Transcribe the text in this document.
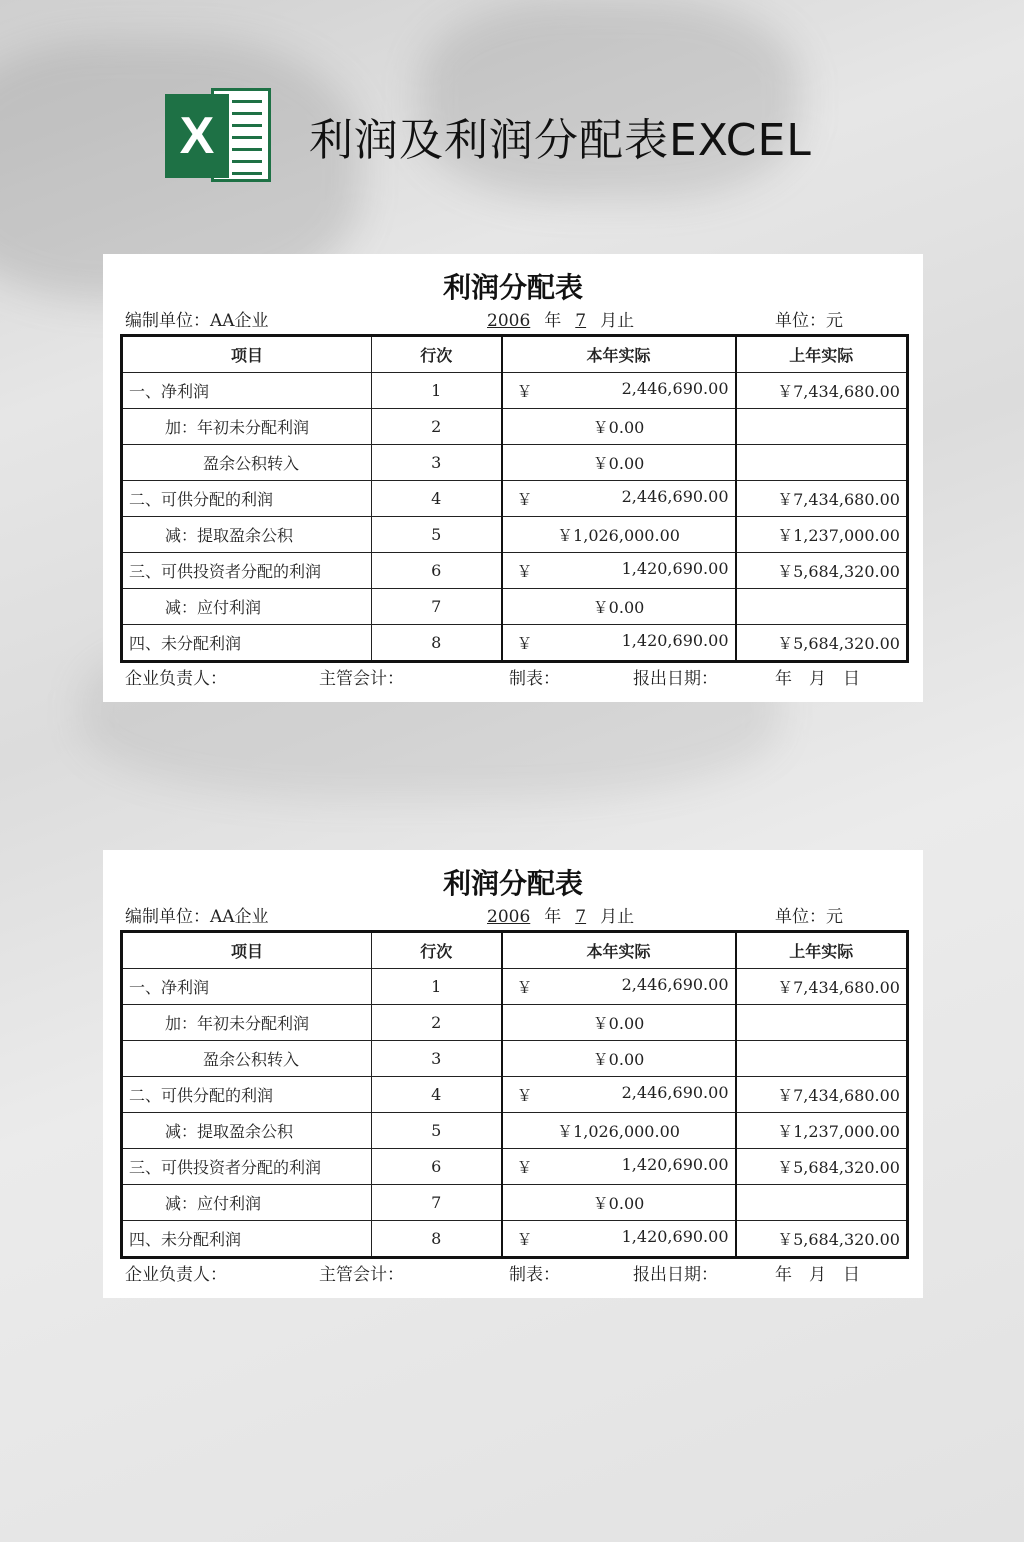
X	利润及利润分配表EXCEL
利润分配表
编制单位：AA企业	2006 年 7 月止	单位：元
项目	行次	本年实际	上年实际
一、净利润	1	￥ 2,446,690.00	￥7,434,680.00
加：年初未分配利润	2	￥0.00	
盈余公积转入	3	￥0.00	
二、可供分配的利润	4	￥ 2,446,690.00	￥7,434,680.00
减：提取盈余公积	5	￥1,026,000.00	￥1,237,000.00
三、可供投资者分配的利润	6	￥ 1,420,690.00	￥5,684,320.00
减：应付利润	7	￥0.00	
四、未分配利润	8	￥ 1,420,690.00	￥5,684,320.00
企业负责人：	主管会计：	制表：	报出日期：	年　月　日
利润分配表
编制单位：AA企业	2006 年 7 月止	单位：元
项目	行次	本年实际	上年实际
一、净利润	1	￥ 2,446,690.00	￥7,434,680.00
加：年初未分配利润	2	￥0.00	
盈余公积转入	3	￥0.00	
二、可供分配的利润	4	￥ 2,446,690.00	￥7,434,680.00
减：提取盈余公积	5	￥1,026,000.00	￥1,237,000.00
三、可供投资者分配的利润	6	￥ 1,420,690.00	￥5,684,320.00
减：应付利润	7	￥0.00	
四、未分配利润	8	￥ 1,420,690.00	￥5,684,320.00
企业负责人：	主管会计：	制表：	报出日期：	年　月　日
